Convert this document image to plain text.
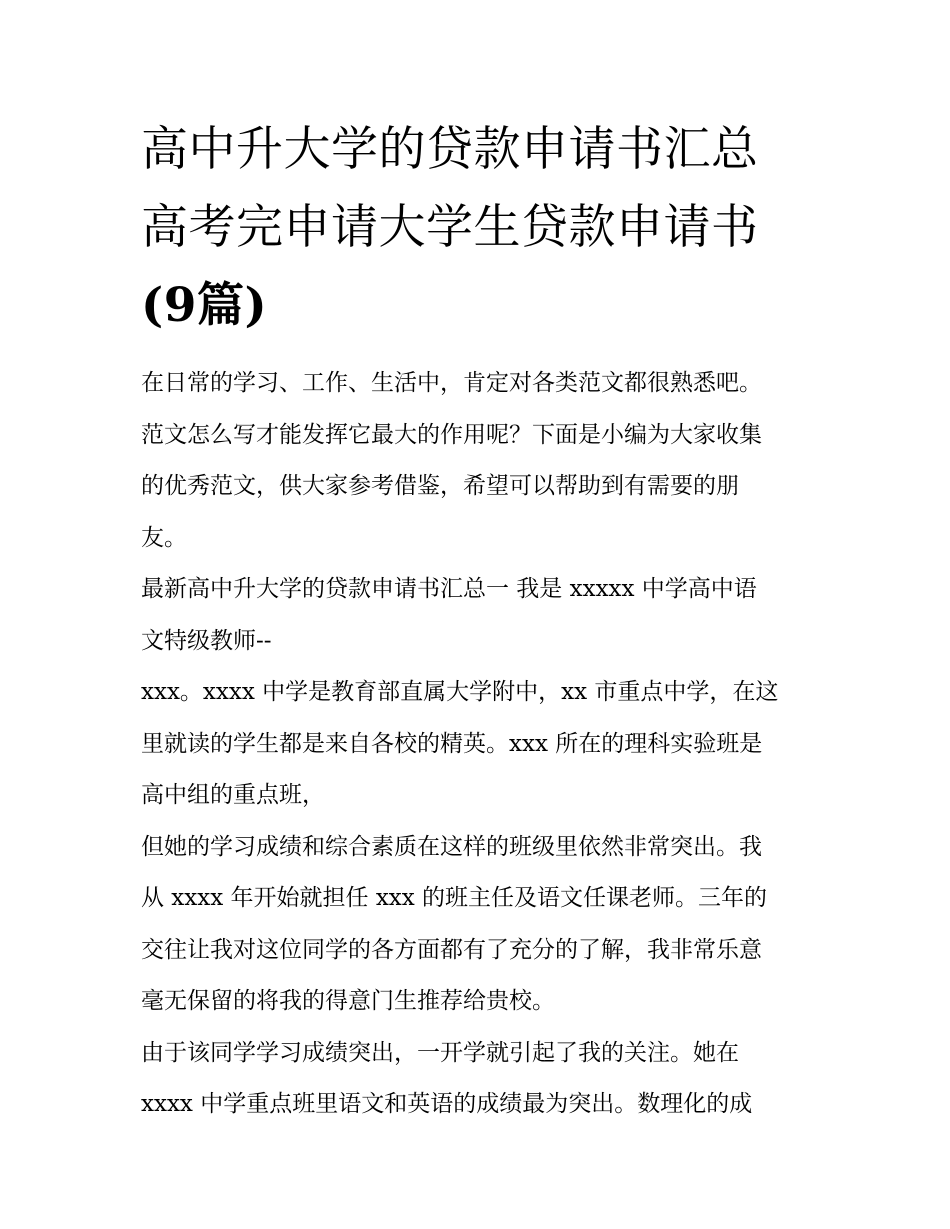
高中升大学的贷款申请书汇总
高考完申请大学生贷款申请书
(9篇)
在日常的学习、工作、生活中，肯定对各类范文都很熟悉吧。
范文怎么写才能发挥它最大的作用呢？下面是小编为大家收集
的优秀范文，供大家参考借鉴，希望可以帮助到有需要的朋
友。
最新高中升大学的贷款申请书汇总一 我是 xxxxx 中学高中语
文特级教师--
xxx。xxxx 中学是教育部直属大学附中，xx 市重点中学，在这
里就读的学生都是来自各校的精英。xxx 所在的理科实验班是
高中组的重点班，
但她的学习成绩和综合素质在这样的班级里依然非常突出。我
从 xxxx 年开始就担任 xxx 的班主任及语文任课老师。三年的
交往让我对这位同学的各方面都有了充分的了解，我非常乐意
毫无保留的将我的得意门生推荐给贵校。
由于该同学学习成绩突出，一开学就引起了我的关注。她在
xxxx 中学重点班里语文和英语的成绩最为突出。数理化的成
